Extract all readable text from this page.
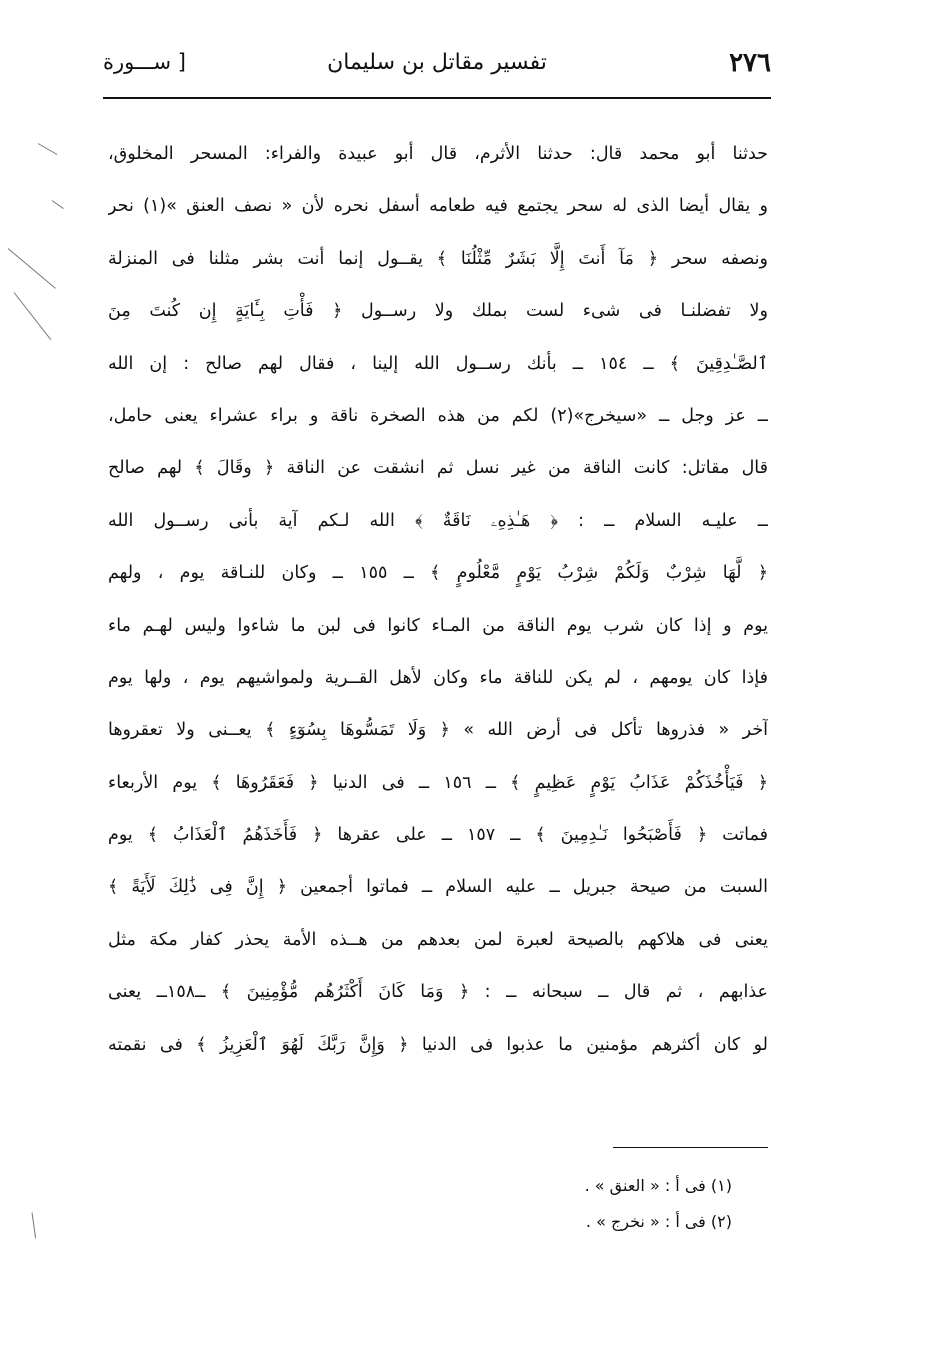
٢٧٦
تفسير مقاتل بن سليمان
[ ســـورة
حدثنا أبو محمد قال: حدثنا الأثرم، قال أبو عبيدة والفراء: المسحر المخلوق،
و يقال أيضا الذى له سحر يجتمع فيه طعامه أسفل نحره لأن « نصف العنق »(١) نحر
ونصفه سحر ﴿ مَآ أَنتَ إِلَّا بَشَرٌ مِّثْلُنَا ﴾ يقــول إنما أنت بشر مثلنا فى المنزلة
ولا تفضلنـا فى شىء لست بملك ولا رســول ﴿ فَأْتِ بِـَٔايَةٍ إِن كُنتَ مِنَ
ٱلصَّـٰدِقِينَ ﴾ ــ ١٥٤ ــ بأنك رســول الله إلينا ، فقال لهم صالح : إن الله
ــ عز وجل ــ «سيخرج»(٢) لكم من هذه الصخرة ناقة و براء عشراء يعنى حامل،
قال مقاتل: كانت الناقة من غير نسل ثم انشقت عن الناقة ﴿ وقَالَ ﴾ لهم صالح
ــ عليـه السلام ــ : ﴿ هَـٰذِهِۦ نَاقَةٌ ﴾ الله لـكم آية بأنى رســول الله
﴿ لَّهَا شِرْبٌ وَلَكُمْ شِرْبُ يَوْمٍ مَّعْلُومٍ ﴾ ــ ١٥٥ ــ وكان للنـاقة يوم ، ولهم
يوم و إذا كان شرب يوم الناقة من المـاء كانوا فى لبن ما شاءوا وليس لهـم ماء
فإذا كان يومهم ، لم يكن للناقة ماء وكان لأهل القــرية ولمواشيهم يوم ، ولها يوم
آخر « فذروها تأكل فى أرض الله » ﴿ وَلَا تَمَسُّوهَا بِسُوٓءٍ ﴾ يعــنى ولا تعقروها
﴿ فَيَأْخُذَكُمْ عَذَابُ يَوْمٍ عَظِيمٍ ﴾ ــ ١٥٦ ــ فى الدنيا ﴿ فَعَقَرُوهَا ﴾ يوم الأربعاء
فماتت ﴿ فَأَصْبَحُوا نَـٰدِمِينَ ﴾ ــ ١٥٧ ــ على عقرها ﴿ فَأَخَذَهُمُ ٱلْعَذَابُ ﴾ يوم
السبت من صيحة جبريل ــ عليه السلام ــ فماتوا أجمعين ﴿ إِنَّ فِى ذَٰلِكَ لَأَيَةً ﴾
يعنى فى هلاكهم بالصيحة لعبرة لمن بعدهم من هــذه الأمة يحذر كفار مكة مثل
عذابهم ، ثم قال ــ سبحانه ــ : ﴿ وَمَا كَانَ أَكْثَرُهُم مُّؤْمِنِينَ ﴾ ــ١٥٨ــ يعنى
لو كان أكثرهم مؤمنين ما عذبوا فى الدنيا ﴿ وَإِنَّ رَبَّكَ لَهُوَ ٱلْعَزِيزُ ﴾ فى نقمته
(١) فى أ : « العنق » .
(٢) فى أ : « نخرج » .
